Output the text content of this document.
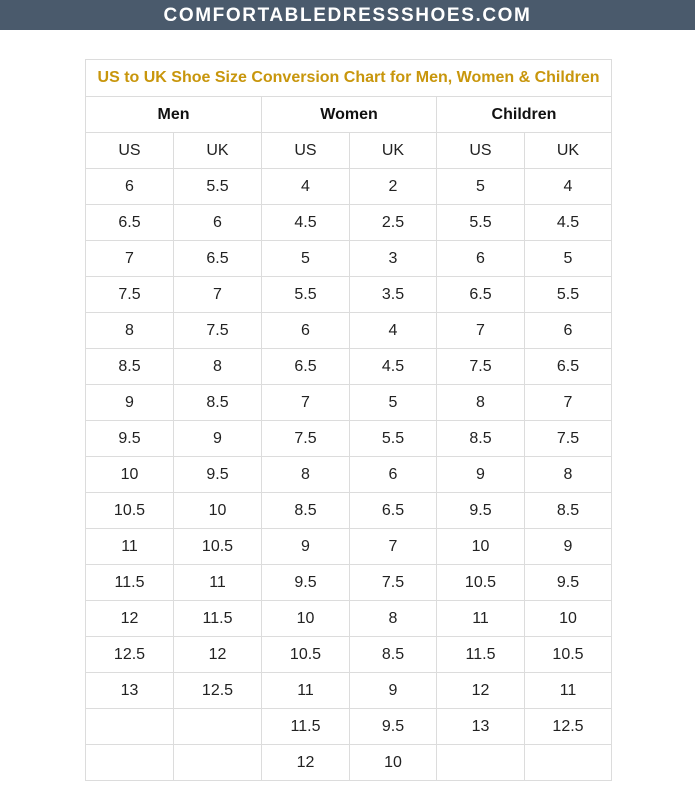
COMFORTABLEDRESSSHOES.COM
US to UK Shoe Size Conversion Chart for Men, Women & Children					
Men		Women		Children	
US	UK	US	UK	US	UK
6	5.5	4	2	5	4
6.5	6	4.5	2.5	5.5	4.5
7	6.5	5	3	6	5
7.5	7	5.5	3.5	6.5	5.5
8	7.5	6	4	7	6
8.5	8	6.5	4.5	7.5	6.5
9	8.5	7	5	8	7
9.5	9	7.5	5.5	8.5	7.5
10	9.5	8	6	9	8
10.5	10	8.5	6.5	9.5	8.5
11	10.5	9	7	10	9
11.5	11	9.5	7.5	10.5	9.5
12	11.5	10	8	11	10
12.5	12	10.5	8.5	11.5	10.5
13	12.5	11	9	12	11
		11.5	9.5	13	12.5
		12	10		
